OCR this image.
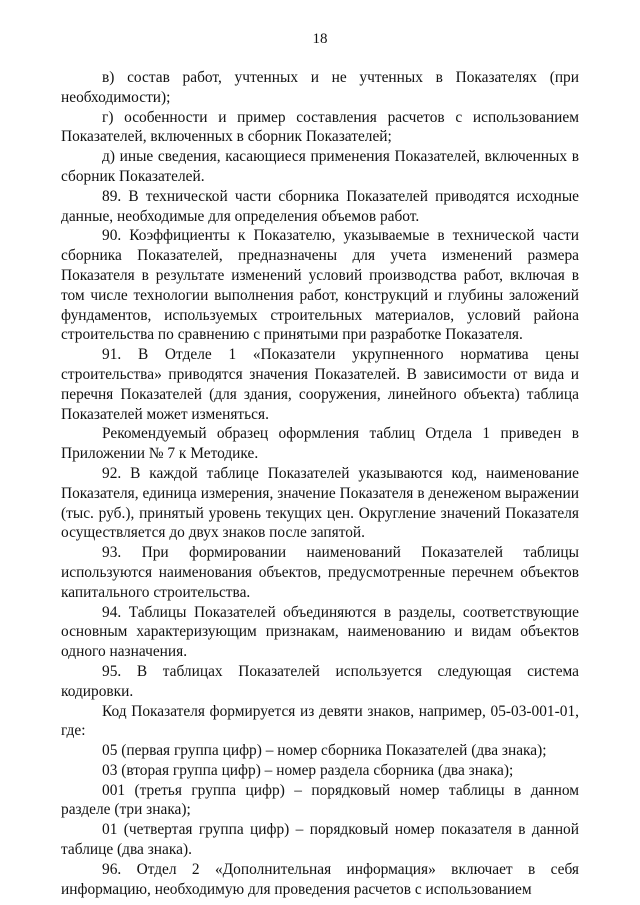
18

в) состав работ, учтенных и не учтенных в Показателях (при необходимости);

г) особенности и пример составления расчетов с использованием Показателей, включенных в сборник Показателей;

д) иные сведения, касающиеся применения Показателей, включенных в сборник Показателей.

89. В технической части сборника Показателей приводятся исходные данные, необходимые для определения объемов работ.

90. Коэффициенты к Показателю, указываемые в технической части сборника Показателей, предназначены для учета изменений размера Показателя в результате изменений условий производства работ, включая в том числе технологии выполнения работ, конструкций и глубины заложений фундаментов, используемых строительных материалов, условий района строительства по сравнению с принятыми при разработке Показателя.

91. В Отделе 1 «Показатели укрупненного норматива цены строительства» приводятся значения Показателей. В зависимости от вида и перечня Показателей (для здания, сооружения, линейного объекта) таблица Показателей может изменяться.

Рекомендуемый образец оформления таблиц Отдела 1 приведен в Приложении № 7 к Методике.

92. В каждой таблице Показателей указываются код, наименование Показателя, единица измерения, значение Показателя в денеженом выражении (тыс. руб.), принятый уровень текущих цен. Округление значений Показателя осуществляется до двух знаков после запятой.

93. При формировании наименований Показателей таблицы используются наименования объектов, предусмотренные перечнем объектов капитального строительства.

94. Таблицы Показателей объединяются в разделы, соответствующие основным характеризующим признакам, наименованию и видам объектов одного назначения.

95. В таблицах Показателей используется следующая система кодировки.

Код Показателя формируется из девяти знаков, например, 05-03-001-01, где:

05 (первая группа цифр) – номер сборника Показателей (два знака);

03 (вторая группа цифр) – номер раздела сборника (два знака);

001 (третья группа цифр) – порядковый номер таблицы в данном разделе (три знака);

01 (четвертая группа цифр) – порядковый номер показателя в данной таблице (два знака).

96. Отдел 2 «Дополнительная информация» включает в себя информацию, необходимую для проведения расчетов с использованием
